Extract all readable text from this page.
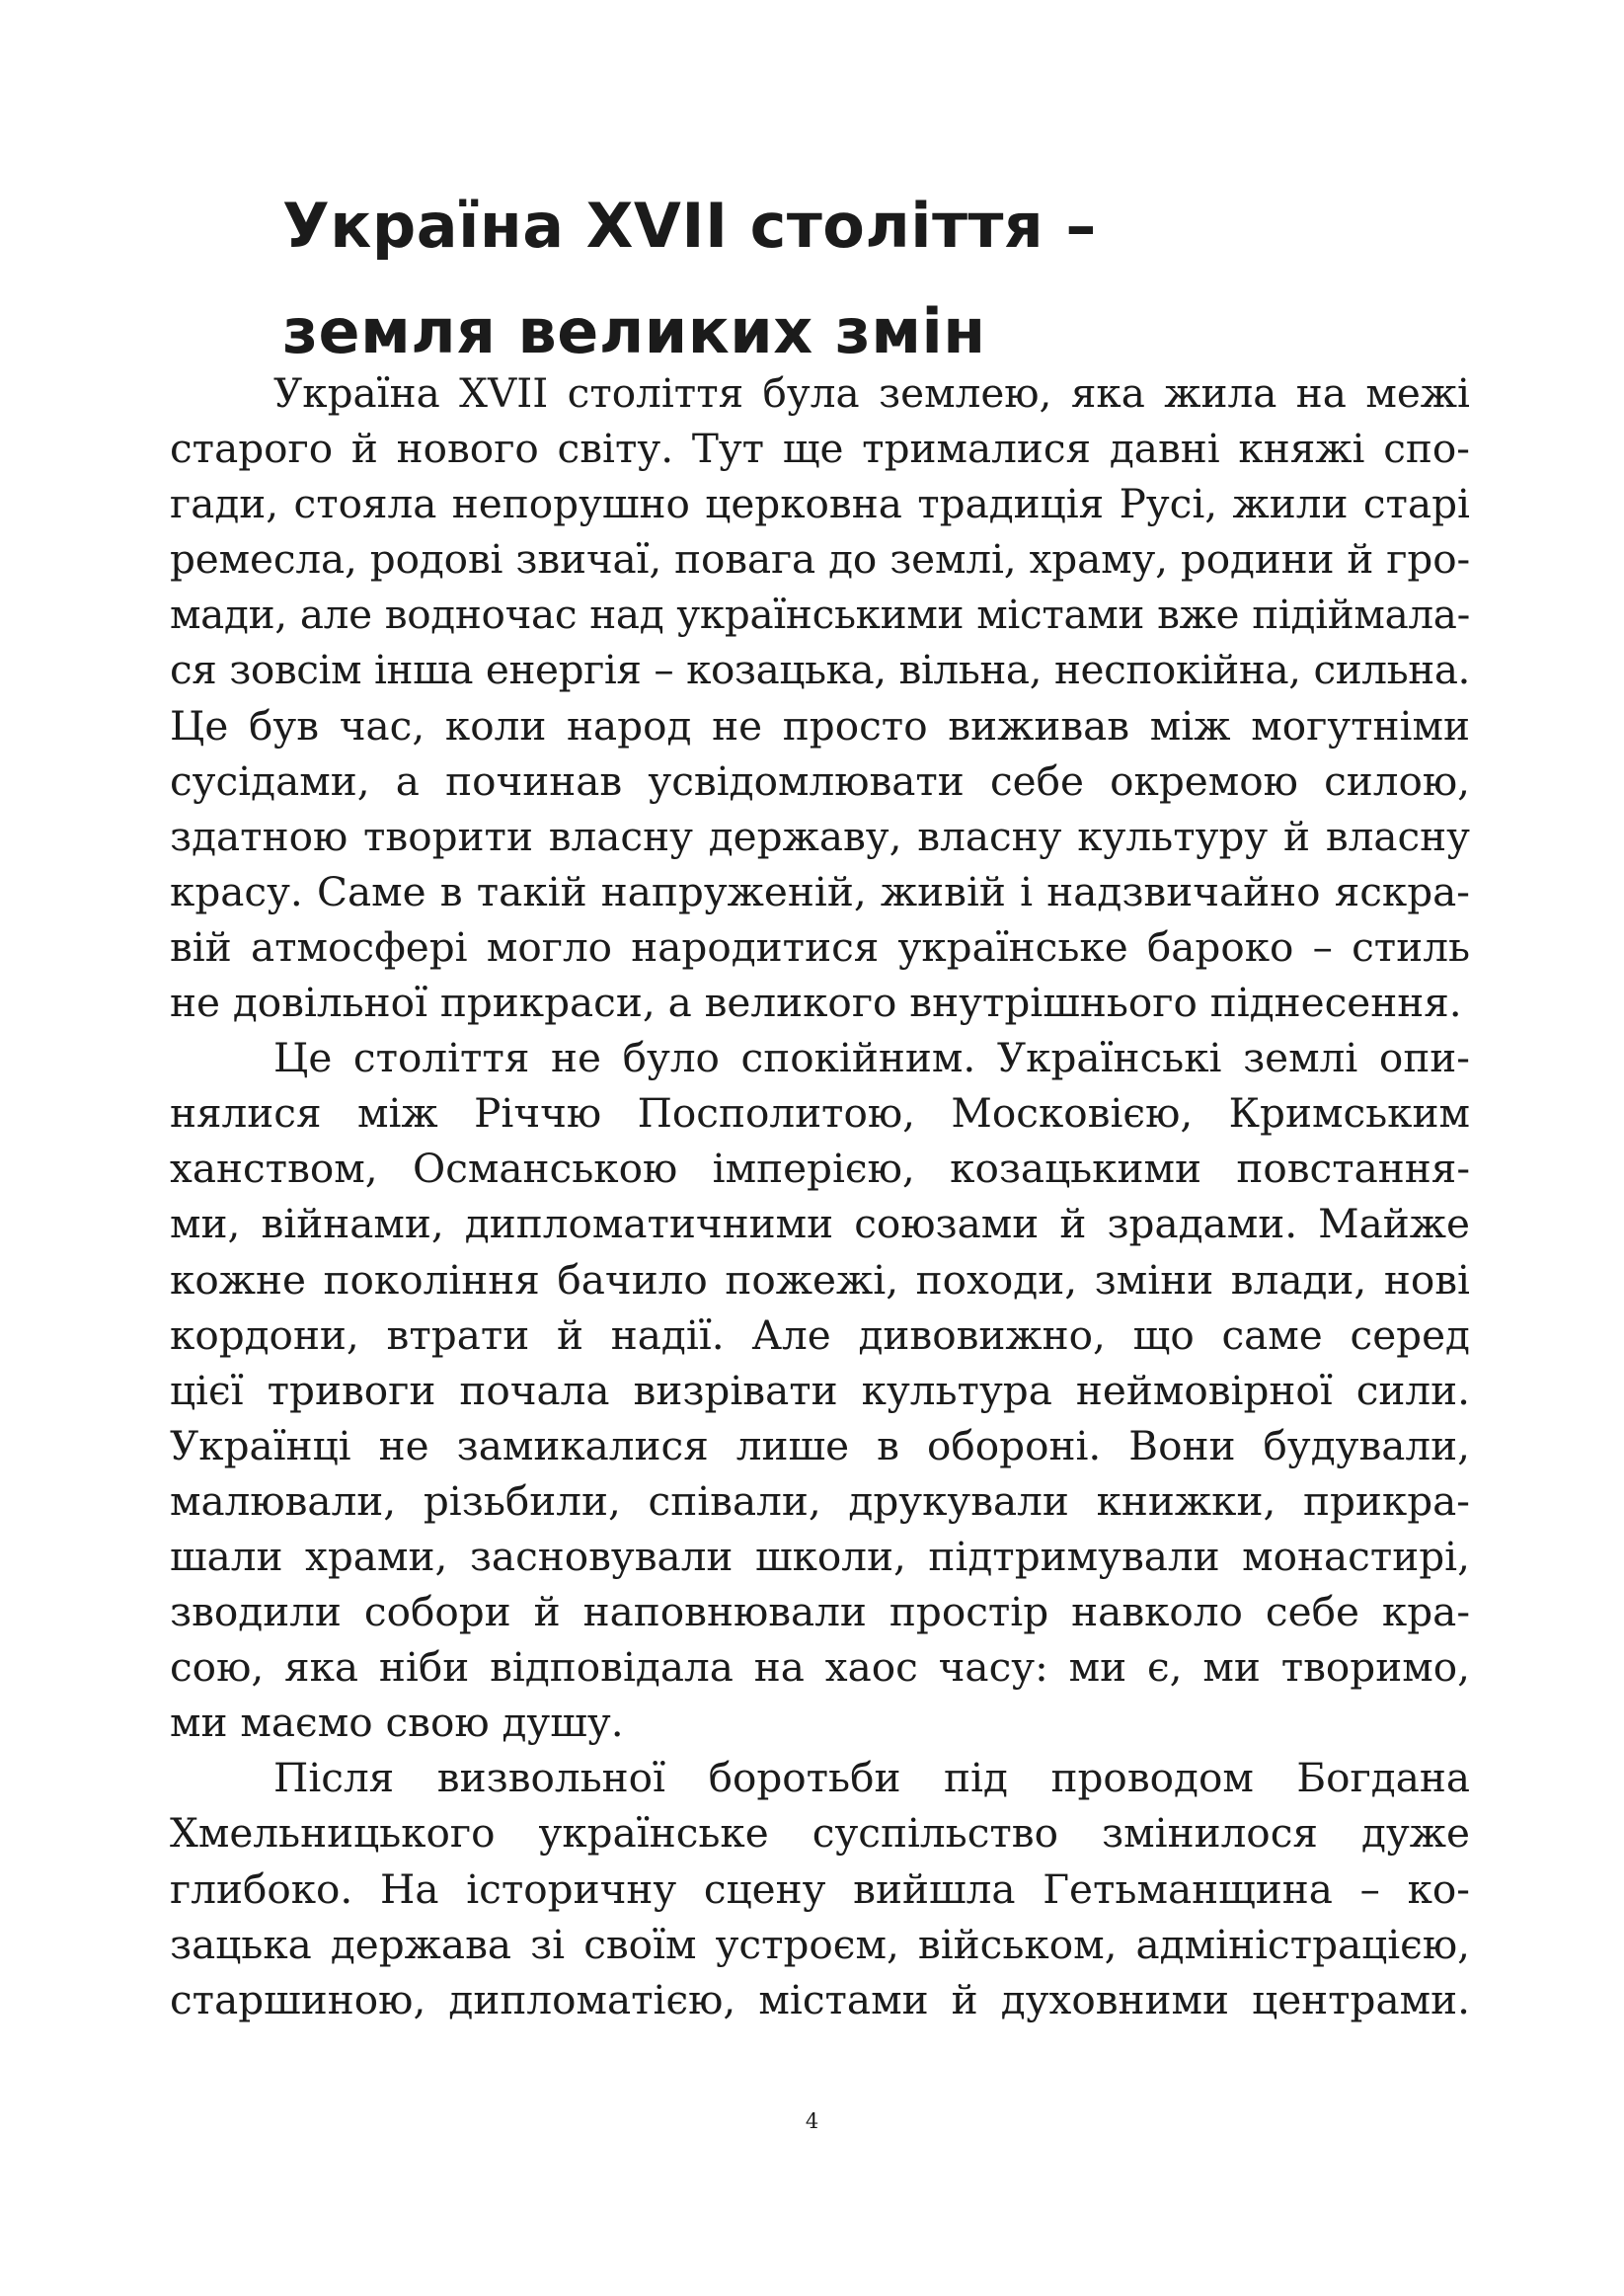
Україна XVII століття –
земля великих змін
Україна XVII століття була землею, яка жила на межі
старого й нового світу. Тут ще трималися давні княжі спо-
гади, стояла непорушно церковна традиція Русі, жили старі
ремесла, родові звичаї, повага до землі, храму, родини й гро-
мади, але водночас над українськими містами вже підіймала-
ся зовсім інша енергія – козацька, вільна, неспокійна, сильна.
Це був час, коли народ не просто виживав між могутніми
сусідами, а починав усвідомлювати себе окремою силою,
здатною творити власну державу, власну культуру й власну
красу. Саме в такій напруженій, живій і надзвичайно яскра-
вій атмосфері могло народитися українське бароко – стиль
не довільної прикраси, а великого внутрішнього піднесення.
Це століття не було спокійним. Українські землі опи-
нялися між Річчю Посполитою, Московією, Кримським
ханством, Османською імперією, козацькими повстання-
ми, війнами, дипломатичними союзами й зрадами. Майже
кожне покоління бачило пожежі, походи, зміни влади, нові
кордони, втрати й надії. Але дивовижно, що саме серед
цієї тривоги почала визрівати культура неймовірної сили.
Українці не замикалися лише в обороні. Вони будували,
малювали, різьбили, співали, друкували книжки, прикра-
шали храми, засновували школи, підтримували монастирі,
зводили собори й наповнювали простір навколо себе кра-
сою, яка ніби відповідала на хаос часу: ми є, ми творимо,
ми маємо свою душу.
Після визвольної боротьби під проводом Богдана
Хмельницького українське суспільство змінилося дуже
глибоко. На історичну сцену вийшла Гетьманщина – ко-
зацька держава зі своїм устроєм, військом, адміністрацією,
старшиною, дипломатією, містами й духовними центрами.
4
